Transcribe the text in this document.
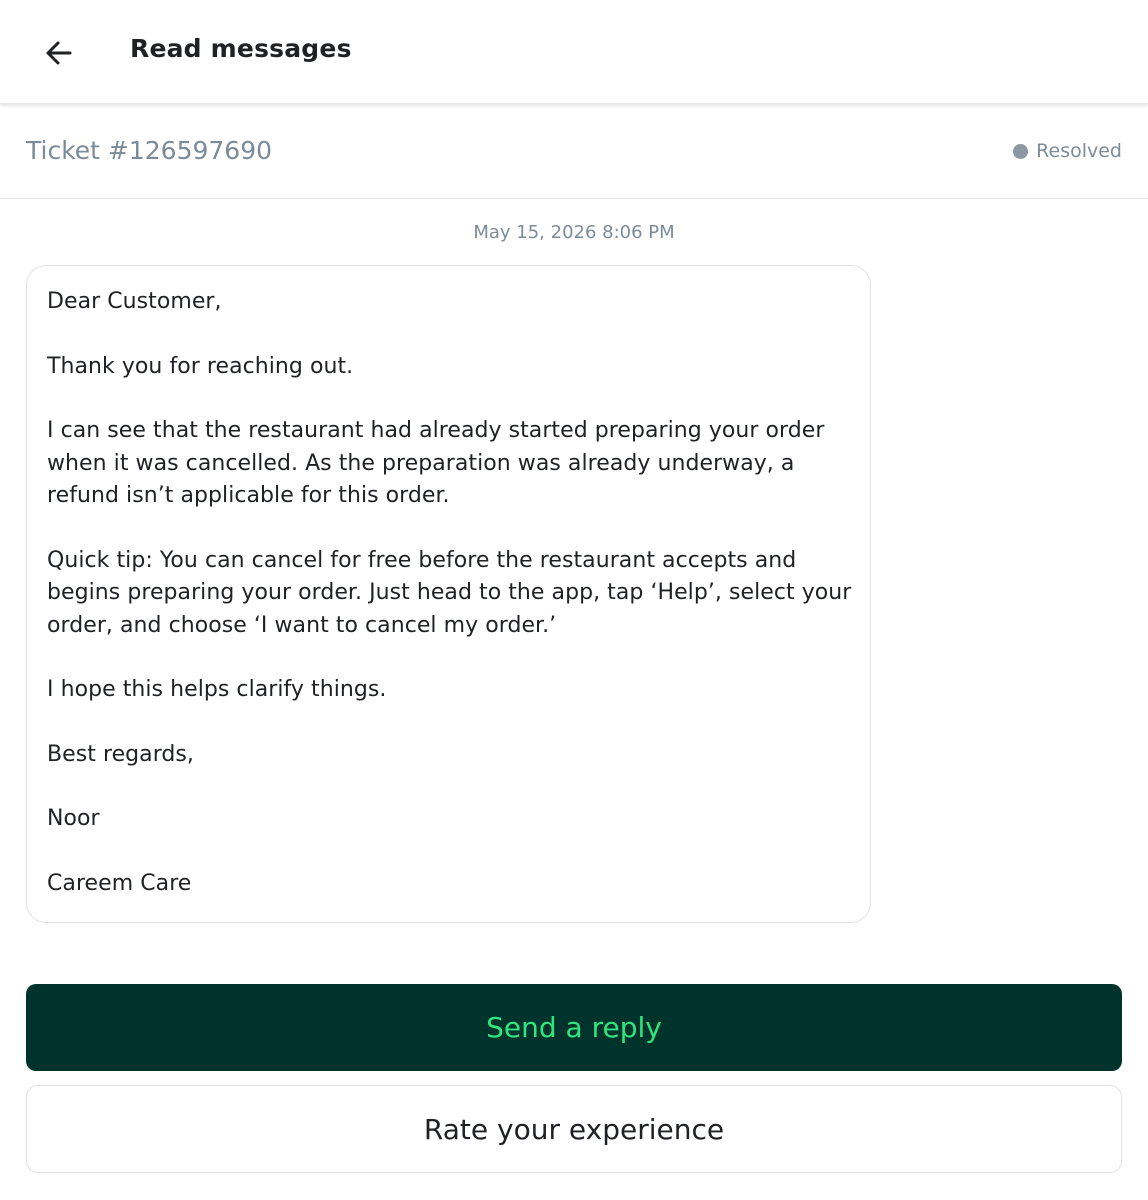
Read messages
Ticket #126597690	Resolved
May 15, 2026 8:06 PM

Dear Customer,

Thank you for reaching out.

I can see that the restaurant had already started preparing your order when it was cancelled. As the preparation was already underway, a refund isn’t applicable for this order.

Quick tip: You can cancel for free before the restaurant accepts and begins preparing your order. Just head to the app, tap ‘Help’, select your order, and choose ‘I want to cancel my order.’

I hope this helps clarify things.

Best regards,

Noor

Careem Care

Send a reply
Rate your experience
